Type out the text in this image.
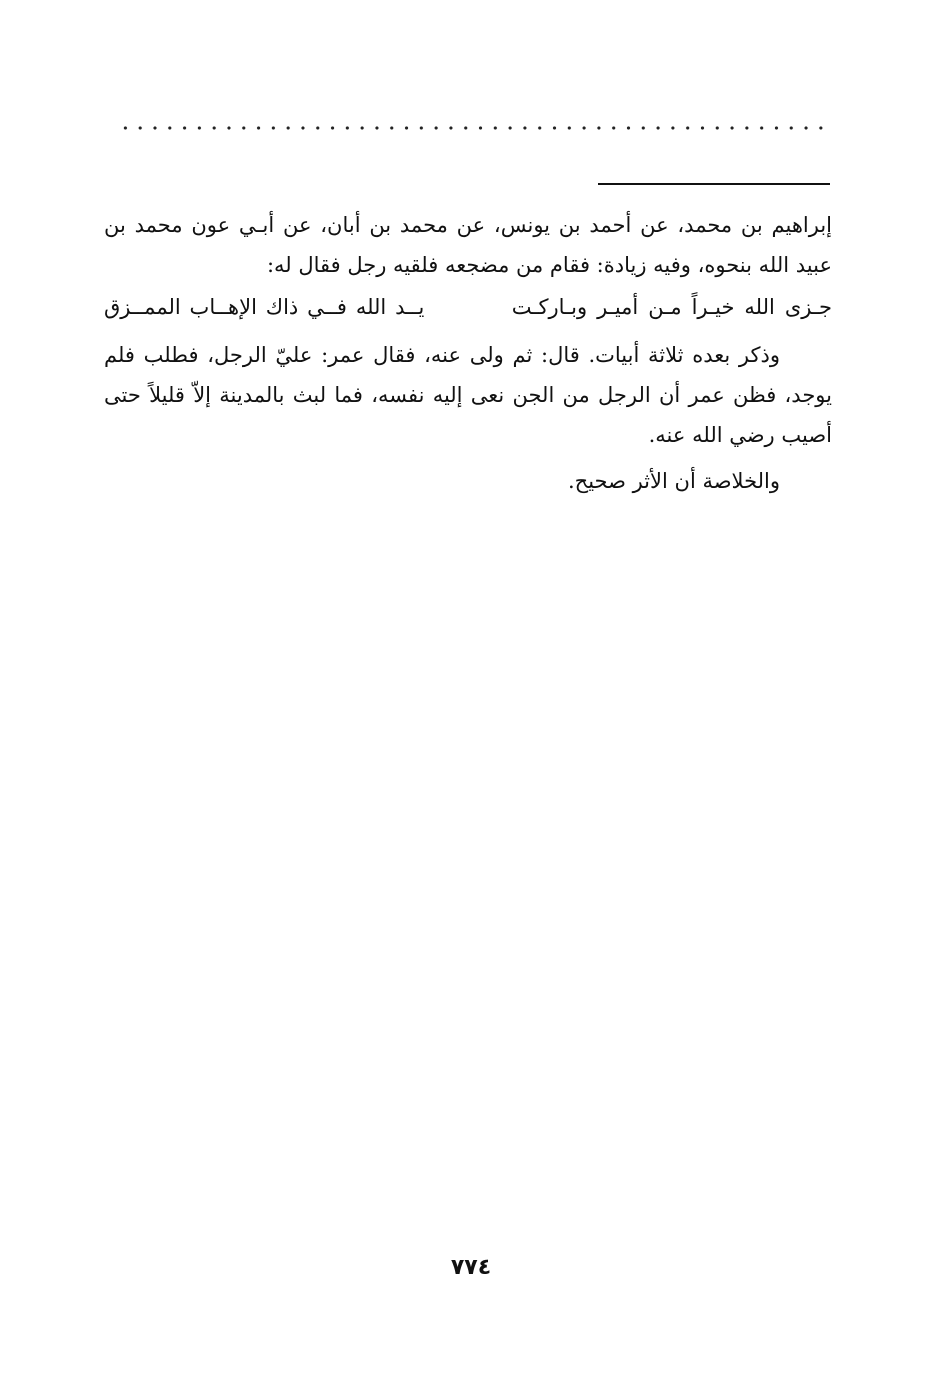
إبراهيم بن محمد، عن أحمد بن يونس، عن محمد بن أبان، عن أبـي عون محمد بن
عبيد الله بنحوه، وفيه زيادة: فقام من مضجعه فلقيه رجل فقال له:
جـزى الله خيـراً مـن أميـر وبـاركـت
يــد الله فــي ذاك الإهــاب الممــزق
وذكر بعده ثلاثة أبيات. قال: ثم ولى عنه، فقال عمر: عليّ الرجل، فطلب فلم
يوجد، فظن عمر أن الرجل من الجن نعى إليه نفسه، فما لبث بالمدينة إلاّ قليلاً حتى
أصيب رضي الله عنه.
والخلاصة أن الأثر صحيح.
٧٧٤
